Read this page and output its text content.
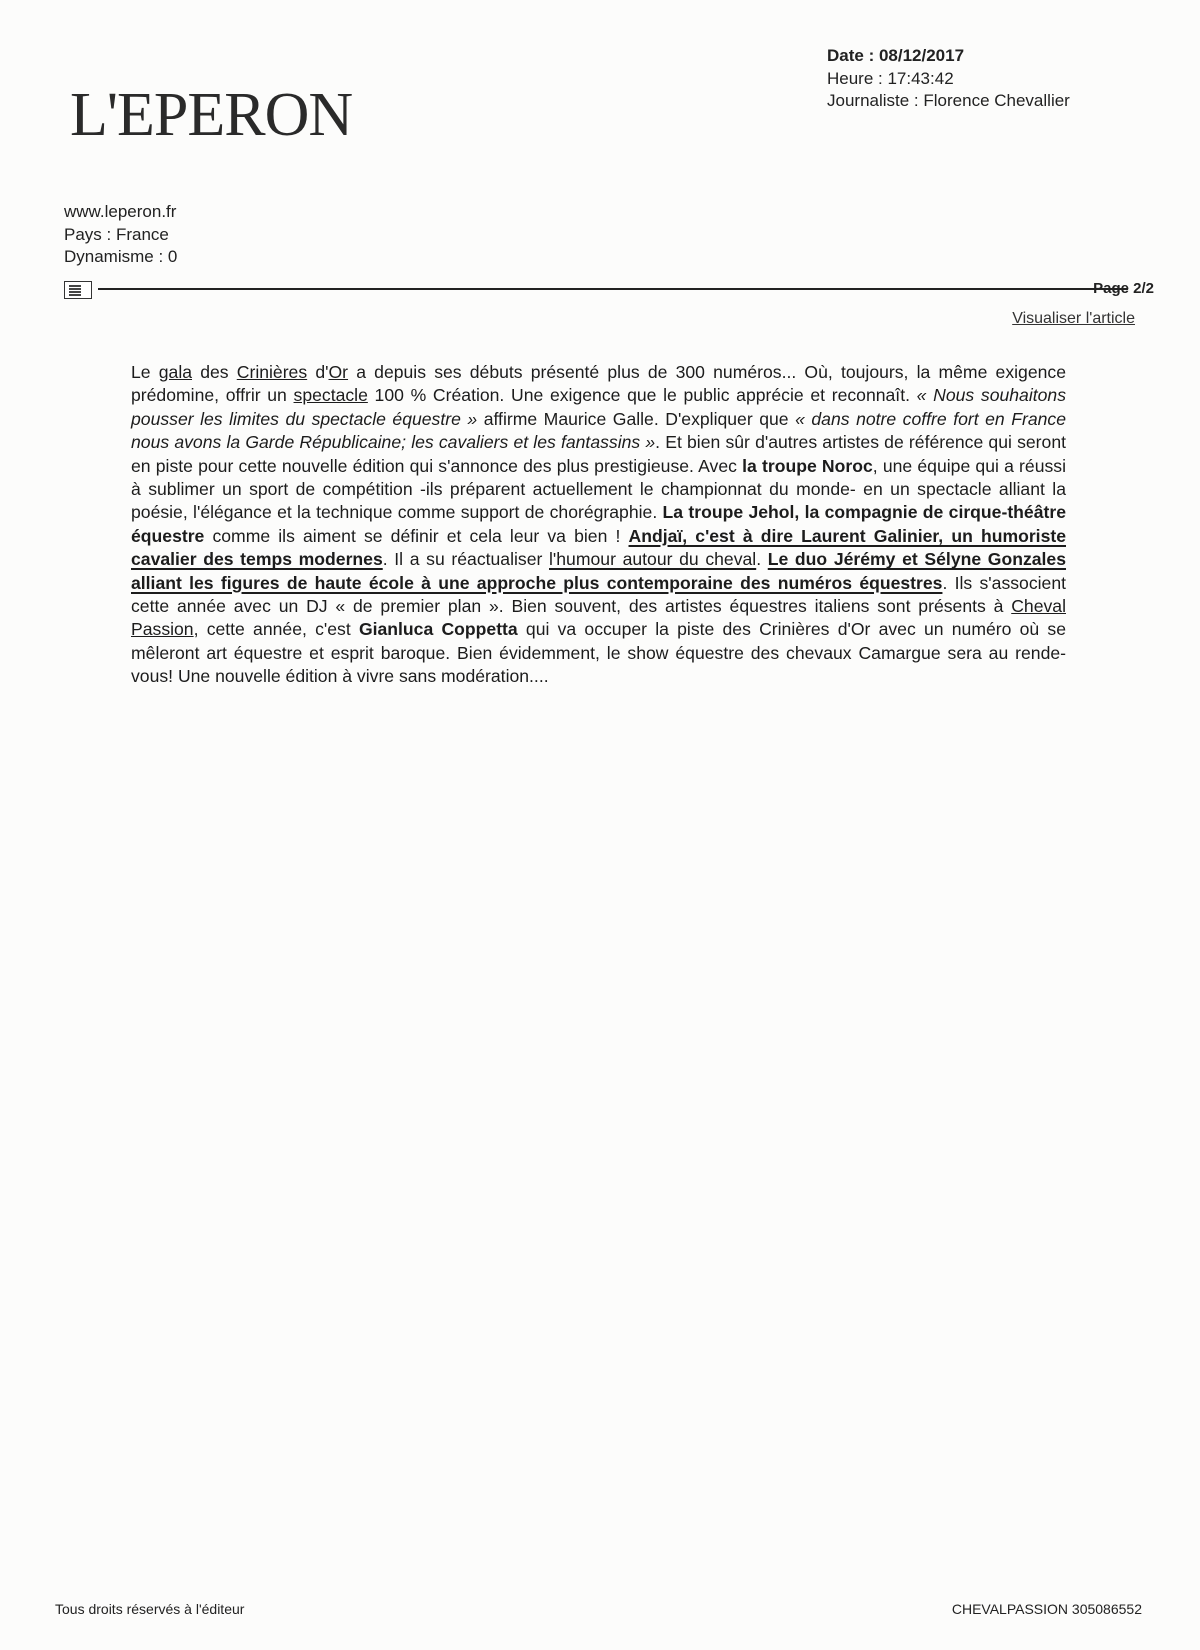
L'EPERON
Date : 08/12/2017
Heure : 17:43:42
Journaliste : Florence Chevallier
www.leperon.fr
Pays : France
Dynamisme : 0
Page 2/2
Visualiser l'article
Le gala des Crinières d'Or a depuis ses débuts présenté plus de 300 numéros... Où, toujours, la même exigence prédomine, offrir un spectacle 100 % Création. Une exigence que le public apprécie et reconnaît. « Nous souhaitons pousser les limites du spectacle équestre » affirme Maurice Galle. D'expliquer que « dans notre coffre fort en France nous avons la Garde Républicaine; les cavaliers et les fantassins ». Et bien sûr d'autres artistes de référence qui seront en piste pour cette nouvelle édition qui s'annonce des plus prestigieuse. Avec la troupe Noroc, une équipe qui a réussi à sublimer un sport de compétition -ils préparent actuellement le championnat du monde- en un spectacle alliant la poésie, l'élégance et la technique comme support de chorégraphie. La troupe Jehol, la compagnie de cirque-théâtre équestre comme ils aiment se définir et cela leur va bien ! Andjaï, c'est à dire Laurent Galinier, un humoriste cavalier des temps modernes. Il a su réactualiser l'humour autour du cheval. Le duo Jérémy et Sélyne Gonzales alliant les figures de haute école à une approche plus contemporaine des numéros équestres. Ils s'associent cette année avec un DJ « de premier plan ». Bien souvent, des artistes équestres italiens sont présents à Cheval Passion, cette année, c'est Gianluca Coppetta qui va occuper la piste des Crinières d'Or avec un numéro où se mêleront art équestre et esprit baroque. Bien évidemment, le show équestre des chevaux Camargue sera au rende-vous! Une nouvelle édition à vivre sans modération....
Tous droits réservés à l'éditeur	CHEVALPASSION 305086552
